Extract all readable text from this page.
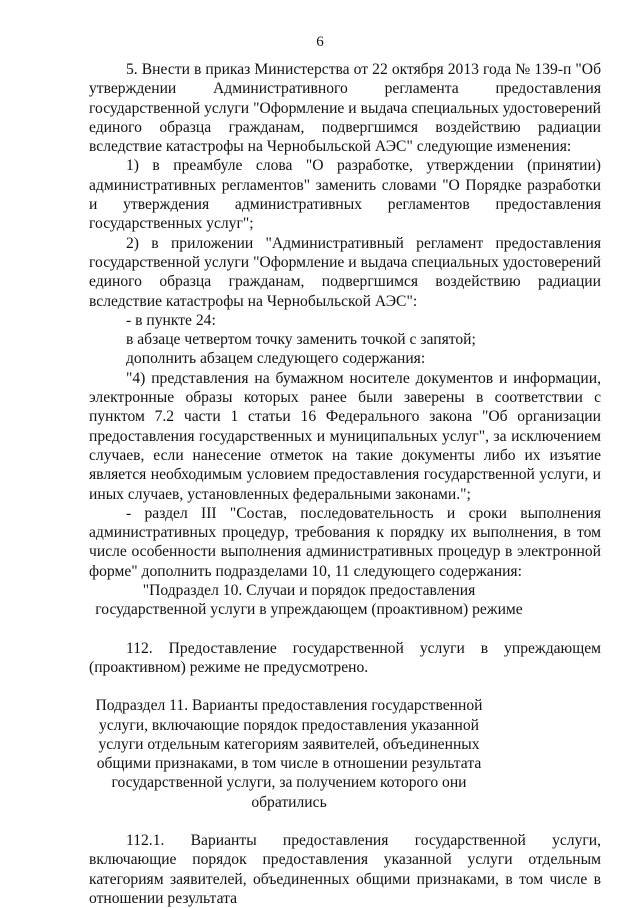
6

5. Внести в приказ Министерства от 22 октября 2013 года № 139-п "Об утверждении Административного регламента предоставления государственной услуги "Оформление и выдача специальных удостоверений единого образца гражданам, подвергшимся воздействию радиации вследствие катастрофы на Чернобыльской АЭС" следующие изменения:

1) в преамбуле слова "О разработке, утверждении (принятии) административных регламентов" заменить словами "О Порядке разработки и утверждения административных регламентов предоставления государственных услуг";

2) в приложении "Административный регламент предоставления государственной услуги "Оформление и выдача специальных удостоверений единого образца гражданам, подвергшимся воздействию радиации вследствие катастрофы на Чернобыльской АЭС":

- в пункте 24:

в абзаце четвертом точку заменить точкой с запятой;

дополнить абзацем следующего содержания:

"4) представления на бумажном носителе документов и информации, электронные образы которых ранее были заверены в соответствии с пунктом 7.2 части 1 статьи 16 Федерального закона "Об организации предоставления государственных и муниципальных услуг", за исключением случаев, если нанесение отметок на такие документы либо их изъятие является необходимым условием предоставления государственной услуги, и иных случаев, установленных федеральными законами.";

- раздел III "Состав, последовательность и сроки выполнения административных процедур, требования к порядку их выполнения, в том числе особенности выполнения административных процедур в электронной форме" дополнить подразделами 10, 11 следующего содержания:

"Подраздел 10. Случаи и порядок предоставления государственной услуги в упреждающем (проактивном) режиме

112. Предоставление государственной услуги в упреждающем (проактивном) режиме не предусмотрено.

Подраздел 11. Варианты предоставления государственной услуги, включающие порядок предоставления указанной услуги отдельным категориям заявителей, объединенных общими признаками, в том числе в отношении результата государственной услуги, за получением которого они обратились

112.1. Варианты предоставления государственной услуги, включающие порядок предоставления указанной услуги отдельным категориям заявителей, объединенных общими признаками, в том числе в отношении результата
